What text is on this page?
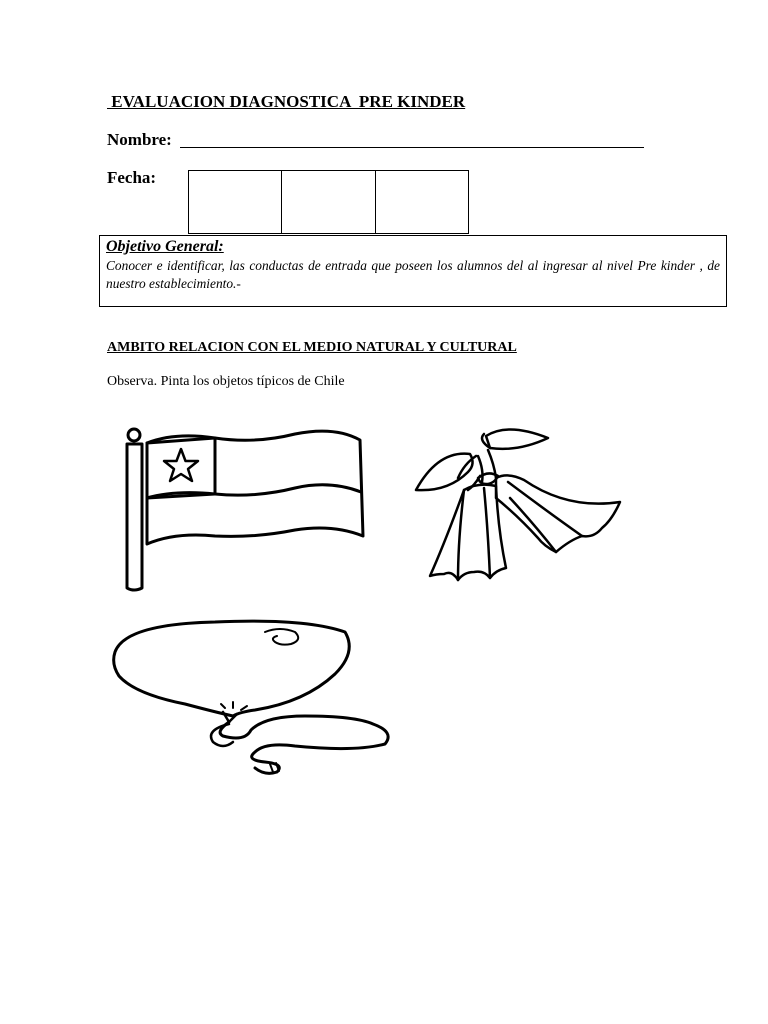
EVALUACION DIAGNOSTICA  PRE KINDER
Nombre:
Fecha:
Objetivo General:
Conocer e identificar, las conductas de entrada que poseen los alumnos del al ingresar al nivel Pre kinder , de nuestro establecimiento.-
AMBITO RELACION CON EL MEDIO NATURAL Y CULTURAL
Observa. Pinta los objetos típicos de Chile
